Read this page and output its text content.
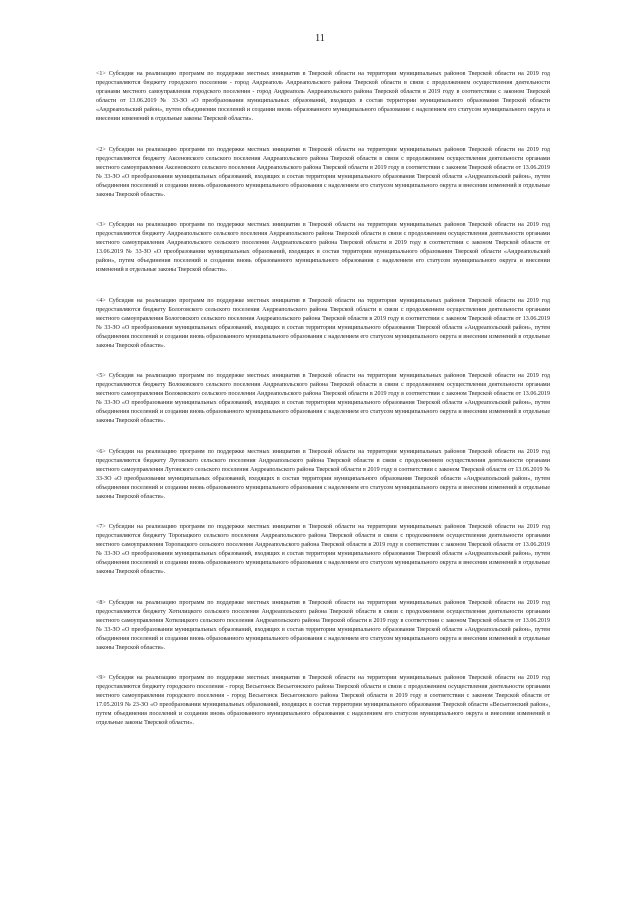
11

<1> Субсидия на реализацию программ по поддержке местных инициатив в Тверской области на территории муниципальных районов Тверской области на 2019 год предоставляются бюджету городского поселения - город Андреаполь Андреапольского района Тверской области в связи с продолжением осуществления деятельности органами местного самоуправления городского поселения - город Андреаполь Андреапольского района Тверской области в 2019 году в соответствии с законом Тверской области от 13.06.2019 № 33-ЗО «О преобразовании муниципальных образований, входящих в состав территории муниципального образования Тверской области «Андреапольский район», путем объединения поселений и создании вновь образованного муниципального образования с наделением его статусом муниципального округа и внесении изменений в отдельные законы Тверской области».

<2> Субсидии на реализацию программ по поддержке местных инициатив в Тверской области на территории муниципальных районов Тверской области на 2019 год предоставляются бюджету Аксеновского сельского поселения Андреапольского района Тверской области в связи с продолжением осуществления деятельности органами местного самоуправления Аксеновского сельского поселения Андреапольского района Тверской области в 2019 году в соответствии с законом Тверской области от 13.06.2019 № 33-ЗО «О преобразовании муниципальных образований, входящих в состав территории муниципального образования Тверской области «Андреапольский район», путем объединения поселений и создании вновь образованного муниципального образования с наделением его статусом муниципального округа и внесении изменений в отдельные законы Тверской области».

<3> Субсидии на реализацию программ по поддержке местных инициатив в Тверской области на территории муниципальных районов Тверской области на 2019 год предоставляются бюджету Андреапольского сельского поселения Андреапольского района Тверской области в связи с продолжением осуществления деятельности органами местного самоуправления Андреапольского сельского поселения Андреапольского района Тверской области в 2019 году в соответствии с законом Тверской области от 13.06.2019 № 33-ЗО «О преобразовании муниципальных образований, входящих в состав территории муниципального образования Тверской области «Андреапольский район», путем объединения поселений и создании вновь образованного муниципального образования с наделением его статусом муниципального округа и внесении изменений в отдельные законы Тверской области».

<4> Субсидия на реализацию программ по поддержке местных инициатив в Тверской области на территории муниципальных районов Тверской области на 2019 год предоставляются бюджету Бологовского сельского поселения Андреапольского района Тверской области в связи с продолжением осуществления деятельности органами местного самоуправления Бологовского сельского поселения Андреапольского района Тверской области в 2019 году в соответствии с законом Тверской области от 13.06.2019 № 33-ЗО «О преобразовании муниципальных образований, входящих в состав территории муниципального образования Тверской области «Андреапольский район», путем объединения поселений и создании вновь образованного муниципального образования с наделением его статусом муниципального округа и внесении изменений в отдельные законы Тверской области».

<5> Субсидия на реализацию программ по поддержке местных инициатив в Тверской области на территории муниципальных районов Тверской области на 2019 год предоставляются бюджету Волоковского сельского поселения Андреапольского района Тверской области в связи с продолжением осуществления деятельности органами местного самоуправления Волоковского сельского поселения Андреапольского района Тверской области в 2019 году в соответствии с законом Тверской области от 13.06.2019 № 33-ЗО «О преобразовании муниципальных образований, входящих в состав территории муниципального образования Тверской области «Андреапольский район», путем объединения поселений и создании вновь образованного муниципального образования с наделением его статусом муниципального округа и внесении изменений в отдельные законы Тверской области».

<6> Субсидии на реализацию программ по поддержке местных инициатив в Тверской области на территории муниципальных районов Тверской области на 2019 год предоставляются бюджету Луговского сельского поселения Андреапольского района Тверской области в связи с продолжением осуществления деятельности органами местного самоуправления Луговского сельского поселения Андреапольского района Тверской области в 2019 году в соответствии с законом Тверской области от 13.06.2019 № 33-ЗО «О преобразовании муниципальных образований, входящих в состав территории муниципального образования Тверской области «Андреапольский район», путем объединения поселений и создании вновь образованного муниципального образования с наделением его статусом муниципального округа и внесении изменений в отдельные законы Тверской области».

<7> Субсидии на реализацию программ по поддержке местных инициатив в Тверской области на территории муниципальных районов Тверской области на 2019 год предоставляются бюджету Торопацкого сельского поселения Андреапольского района Тверской области в связи с продолжением осуществления деятельности органами местного самоуправления Торопацкого сельского поселения Андреапольского района Тверской области в 2019 году в соответствии с законом Тверской области от 13.06.2019 № 33-ЗО «О преобразовании муниципальных образований, входящих в состав территории муниципального образования Тверской области «Андреапольский район», путем объединения поселений и создании вновь образованного муниципального образования с наделением его статусом муниципального округа и внесении изменений в отдельные законы Тверской области».

<8> Субсидия на реализацию программ по поддержке местных инициатив в Тверской области на территории муниципальных районов Тверской области на 2019 год предоставляются бюджету Хотилицкого сельского поселения Андреапольского района Тверской области в связи с продолжением осуществления деятельности органами местного самоуправления Хотилицкого сельского поселения Андреапольского района Тверской области в 2019 году в соответствии с законом Тверской области от 13.06.2019 № 33-ЗО «О преобразовании муниципальных образований, входящих в состав территории муниципального образования Тверской области «Андреапольский район», путем объединения поселений и создании вновь образованного муниципального образования с наделением его статусом муниципального округа и внесении изменений в отдельные законы Тверской области».

<9> Субсидия на реализацию программ по поддержке местных инициатив в Тверской области на территории муниципальных районов Тверской области на 2019 год предоставляются бюджету городского поселения - город Весьегонск Весьегонского района Тверской области в связи с продолжением осуществления деятельности органами местного самоуправления городского поселения - город Весьегонск Весьегонского района Тверской области в 2019 году в соответствии с законом Тверской области от 17.05.2019 № 23-ЗО «О преобразовании муниципальных образований, входящих в состав территории муниципального образования Тверской области «Весьегонский район», путем объединения поселений и создании вновь образованного муниципального образования с наделением его статусом муниципального округа и внесении изменений в отдельные законы Тверской области».
